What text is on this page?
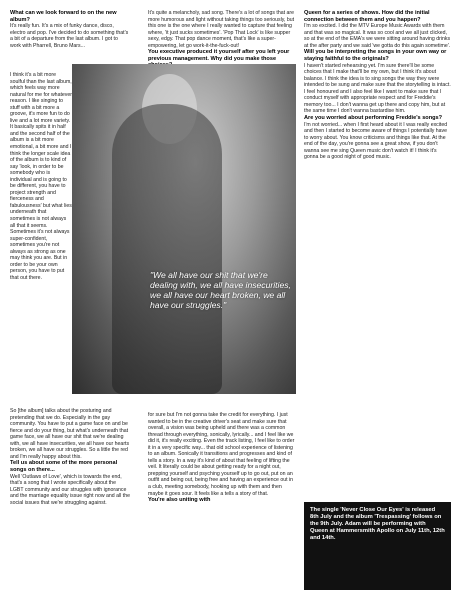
What can we look forward to on the new album?

It's really fun. It's a mix of funky dance, disco, electro and pop. I've decided to do something that's a bit of a departure from the last album. I got to work with Pharrell, Bruno Mars...

I think it's a bit more soulful than the last album, which feels way more natural for me for whatever reason. I like singing to stuff with a bit more a groove, it's more fun to do live and a lot more variety. It basically spits it in half and the second half of the album is a bit more emotional, a bit more and I think the longer scale idea of the album is to kind of say 'look, in order to be somebody who is individual and is going to be different, you have to project strength and fierceness and fabulousness' but what lies underneath that sometimes is not always all that it seems. Sometimes it's not always super-confident, sometimes you're not always as strong as one may think you are. But in order to be your own person, you have to put that out there.

So [the album] talks about the posturing and pretending that we do. Especially in the gay community. You have to put a game face on and be fierce and do your thing, but what's underneath that game face, we all have our shit that we're dealing with, we all have insecurities, we all have our hearts broken, we all have our struggles. So a little the red and I'm really happy about this.

Tell us about some of the more personal songs on there...

Well 'Outlaws of Love', which is towards the end, that's a song that I wrote specifically about the LGBT community and our struggles with ignorance and the marriage equality issue right now and all the social issues that we're struggling against.

It's quite a melancholy, sad song. There's a lot of songs that are more humorous and light without taking things too seriously, but this one is the one where I really wanted to capture that feeling where, 'it just sucks sometimes'. 'Pop That Lock' is like supper sexy, edgy. That pop dance moment, that's like a super-empowering, let go work-it-the-fuck-out!

You executive produced it yourself after you left your previous management. Why did you make those

"We all have our shit that we're dealing with, we all have insecurities, we all have our heart broken, we all have our struggles."

for sure but I'm not gonna take the credit for everything. I just wanted to be in the creative driver's seat and make sure that overall, a vision was being upheld and there was a common thread through everything, sonically, lyrically... and I feel like we did it, it's really exciting. Even the track listing, I feel like to order it in a very specific way... that old school experience of listening to an album. Sonically it transitions and progresses and kind of tells a story. In a way it's kind of about that feeling of lifting the veil. It literally could be about getting ready for a night out, prepping yourself and psyching yourself up to go out, put on an outfit and being out, being free and having an experience out in a club, meeting somebody, hooking up with them and then maybe it goes sour. It feels like a tells a story of that.

You're also uniting with

Queen for a series of shows. How did the initial connection between them and you happen?

I'm so excited. I did the MTV Europe Music Awards with them and that was so magical. It was so cool and we all just clicked, so at the end of the EMA's we were sitting around having drinks at the after party and we said 'we gotta do this again sometime'.

Will you be interpreting the songs in your own way or staying faithful to the originals?

I haven't started rehearsing yet. I'm sure there'll be some choices that I make that'll be my own, but I think it's about balance. I think the idea is to sing songs the way they were intended to be sung and make sure that the storytelling is intact. I feel honoured and I also feel like I want to make sure that I conduct myself with appropriate respect and for Freddie's memory too... I don't wanna get up there and copy him, but at the same time I don't wanna bastardise him.

Are you worried about performing Freddie's songs?

I'm not worried... when I first heard about it I was really excited and then I started to become aware of things I potentially have to worry about. You know criticisms and things like that. At the end of the day, you're gonna see a great show, if you don't wanna see me sing Queen music don't watch it! I think it's gonna be a good night of good music.

The single 'Never Close Our Eyes' is released 8th July and the album 'Trespassing' follows on the 9th July. Adam will be performing with Queen at Hammersmith Apollo on July 11th, 12th and 14th.
